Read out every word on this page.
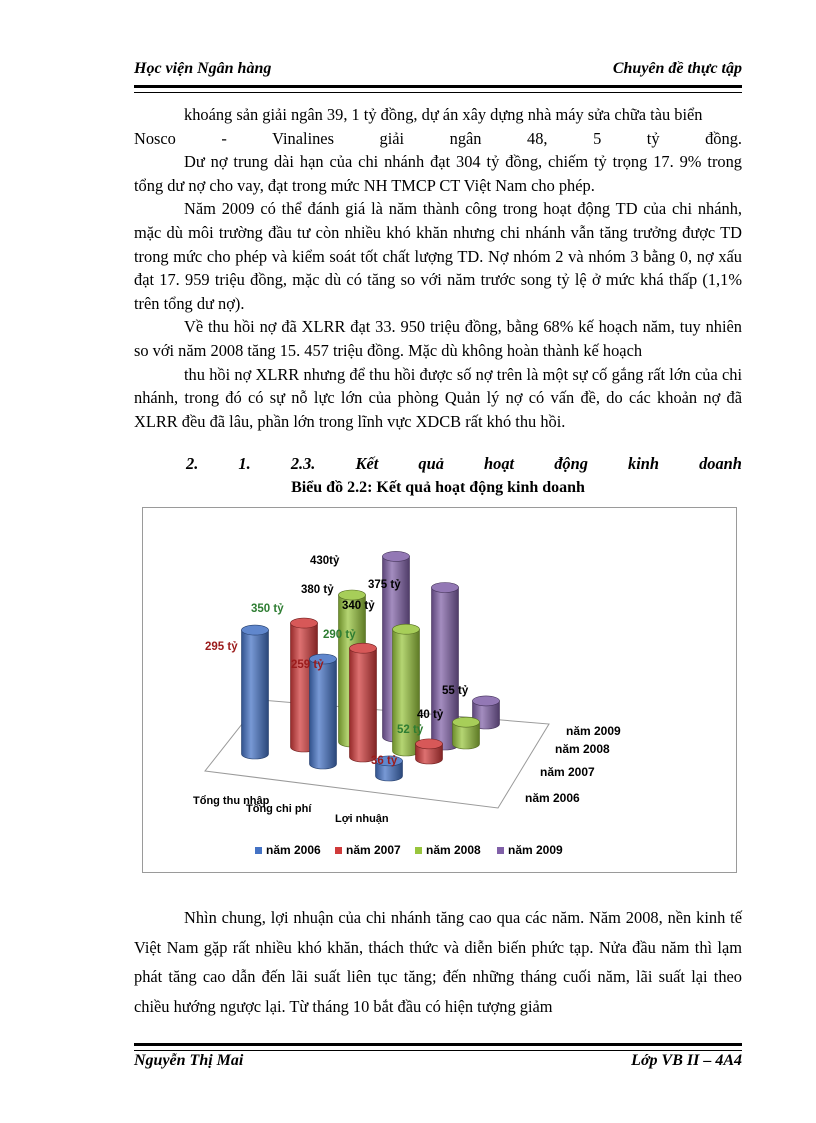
Học viện Ngân hàng	Chuyên đề thực tập

khoáng sản giải ngân 39, 1 tỷ đồng, dự án xây dựng nhà máy sửa chữa tàu biển

Nosco - Vinalines giải ngân 48, 5 tỷ đồng.

Dư nợ trung dài hạn của chi nhánh đạt 304 tỷ đồng, chiếm tỷ trọng 17. 9% trong tổng dư nợ cho vay, đạt trong mức NH TMCP CT Việt Nam cho phép.

Năm 2009 có thể đánh giá là năm thành công trong hoạt động TD của chi nhánh, mặc dù môi trường đầu tư còn nhiều khó khăn nhưng chi nhánh vẫn tăng trưởng được TD trong mức cho phép và kiểm soát tốt chất lượng TD. Nợ nhóm 2 và nhóm 3 bằng 0, nợ xấu đạt 17. 959 triệu đồng, mặc dù có tăng so với năm trước song tỷ lệ ở mức khá thấp (1,1% trên tổng dư nợ).

Về thu hồi nợ đã XLRR đạt 33. 950 triệu đồng, bằng 68% kế hoạch năm, tuy nhiên so với năm 2008 tăng 15. 457 triệu đồng. Mặc dù không hoàn thành kế hoạch

thu hồi nợ XLRR nhưng để thu hồi được số nợ trên là một sự cố gắng rất lớn của chi nhánh, trong đó có sự nỗ lực lớn của phòng Quản lý nợ có vấn đề, do các khoản nợ đã XLRR đều đã lâu, phần lớn trong lĩnh vực XDCB rất khó thu hồi.

2. 1. 2.3. Kết quả hoạt động kinh doanh
Biểu đồ 2.2: Kết quả hoạt động kinh doanh
295 tỷ
350 tỷ
380 tỷ
430tỷ
259 tỷ
290 tỷ
340 tỷ
375 tỷ
36 tỷ
52 tỷ
40 tỷ
55 tỷ
Tổng thu nhập
Tổng chi phí
Lợi nhuận
năm 2009
năm 2008
năm 2007
năm 2006
năm 2006 năm 2007 năm 2008 năm 2009

Nhìn chung, lợi nhuận của chi nhánh tăng cao qua các năm. Năm 2008, nền kinh tế Việt Nam gặp rất nhiều khó khăn, thách thức và diễn biến phức tạp. Nửa đầu năm thì lạm phát tăng cao dẫn đến lãi suất liên tục tăng; đến những tháng cuối năm, lãi suất lại theo chiều hướng ngược lại. Từ tháng 10 bắt đầu có hiện tượng giảm

Nguyễn Thị Mai	Lớp VB II – 4A4
